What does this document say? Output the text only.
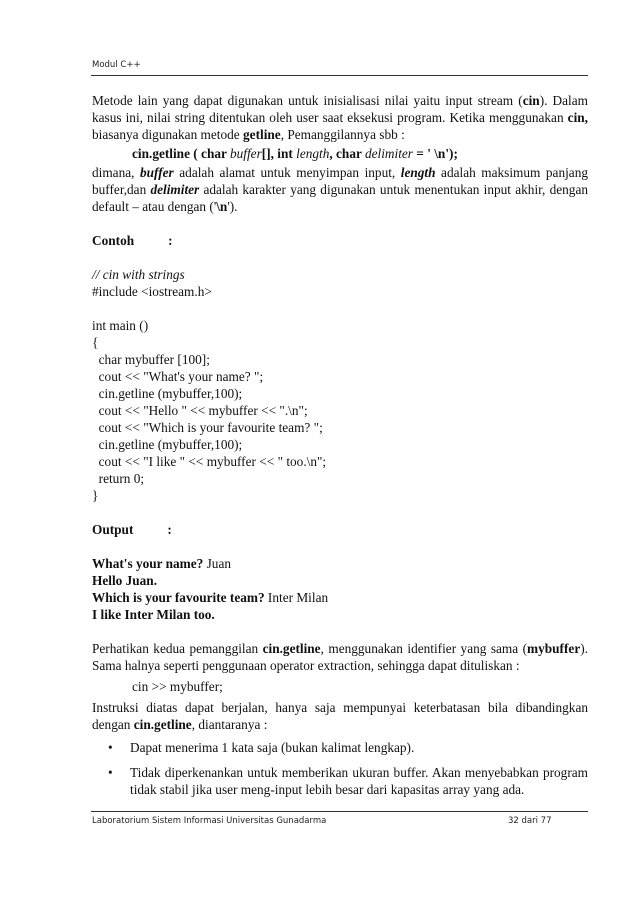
Modul C++

Metode lain yang dapat digunakan untuk inisialisasi nilai yaitu input stream (cin). Dalam kasus ini, nilai string ditentukan oleh user saat eksekusi program. Ketika menggunakan cin, biasanya digunakan metode getline, Pemanggilannya sbb :

cin.getline ( char buffer[], int length, char delimiter = ' \n');

dimana, buffer adalah alamat untuk menyimpan input, length adalah maksimum panjang buffer,dan delimiter adalah karakter yang digunakan untuk menentukan input akhir, dengan default – atau dengan ('\n').

Contoh	:

// cin with strings

#include <iostream.h>

int main ()

{

char mybuffer [100];

cout << "What's your name? ";

cin.getline (mybuffer,100);

cout << "Hello " << mybuffer << ".\n";

cout << "Which is your favourite team? ";

cin.getline (mybuffer,100);

cout << "I like " << mybuffer << " too.\n";

return 0;

}

Output	:

What's your name? Juan

Hello Juan.

Which is your favourite team? Inter Milan

I like Inter Milan too.

Perhatikan kedua pemanggilan cin.getline, menggunakan identifier yang sama (mybuffer). Sama halnya seperti penggunaan operator extraction, sehingga dapat dituliskan :

cin >> mybuffer;

Instruksi diatas dapat berjalan, hanya saja mempunyai keterbatasan bila dibandingkan dengan cin.getline, diantaranya :

• Dapat menerima 1 kata saja (bukan kalimat lengkap).
• Tidak diperkenankan untuk memberikan ukuran buffer. Akan menyebabkan program tidak stabil jika user meng-input lebih besar dari kapasitas array yang ada.
Laboratorium Sistem Informasi Universitas Gunadarma	32 dari 77
